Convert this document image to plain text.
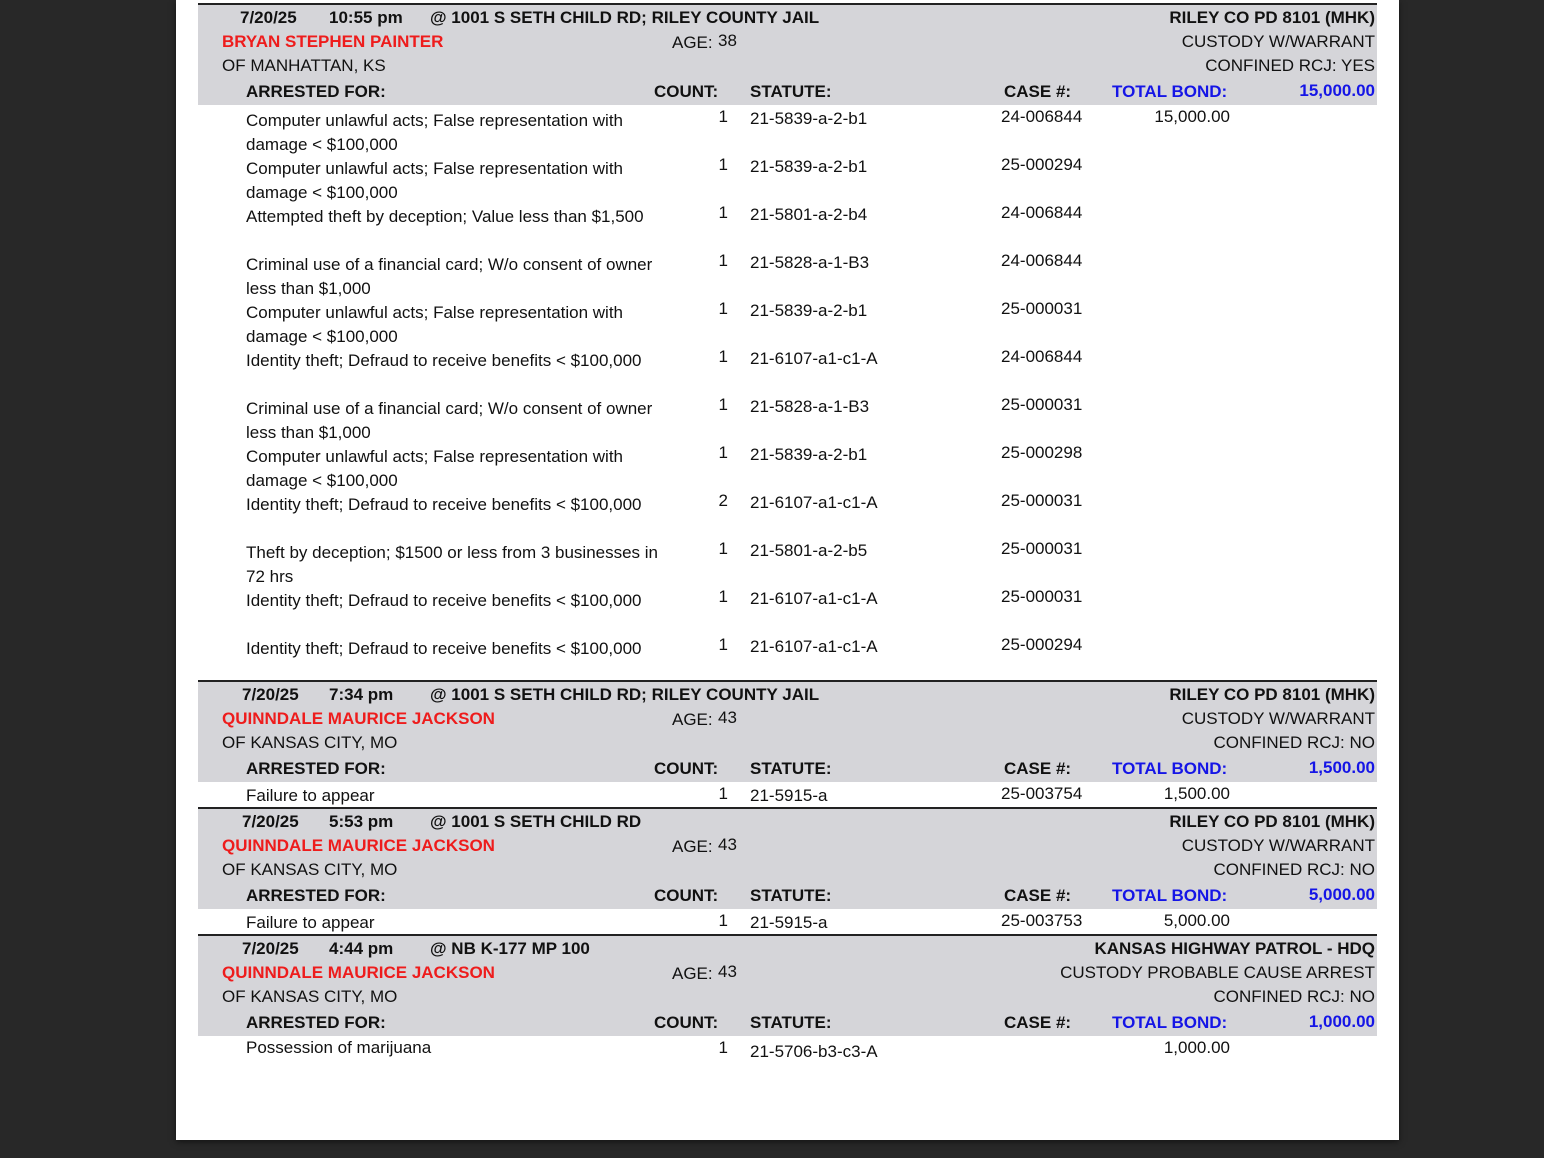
7/20/25 10:55 pm @ 1001 S SETH CHILD RD; RILEY COUNTY JAIL	RILEY CO PD 8101 (MHK)
BRYAN STEPHEN PAINTER	AGE: 38	CUSTODY W/WARRANT
OF MANHATTAN, KS	CONFINED RCJ: YES
ARRESTED FOR:	COUNT: STATUTE:	CASE #: TOTAL BOND:	15,000.00
Computer unlawful acts; False representation with damage < $100,000
1 21-5839-a-2-b1	24-006844	15,000.00
Computer unlawful acts; False representation with damage < $100,000
1 21-5839-a-2-b1	25-000294
Attempted theft by deception; Value less than $1,500	1 21-5801-a-2-b4	24-006844
Criminal use of a financial card; W/o consent of owner less than $1,000
1 21-5828-a-1-B3	24-006844
Computer unlawful acts; False representation with damage < $100,000
1 21-5839-a-2-b1	25-000031
Identity theft; Defraud to receive benefits < $100,000	1 21-6107-a1-c1-A	24-006844
Criminal use of a financial card; W/o consent of owner less than $1,000
1 21-5828-a-1-B3	25-000031
Computer unlawful acts; False representation with damage < $100,000
1 21-5839-a-2-b1	25-000298
Identity theft; Defraud to receive benefits < $100,000	2 21-6107-a1-c1-A	25-000031
Theft by deception; $1500 or less from 3 businesses in 72 hrs
1 21-5801-a-2-b5	25-000031
Identity theft; Defraud to receive benefits < $100,000	1 21-6107-a1-c1-A	25-000031
Identity theft; Defraud to receive benefits < $100,000	1 21-6107-a1-c1-A	25-000294
7/20/25 7:34 pm @ 1001 S SETH CHILD RD; RILEY COUNTY JAIL	RILEY CO PD 8101 (MHK)
QUINNDALE MAURICE JACKSON	AGE: 43	CUSTODY W/WARRANT
OF KANSAS CITY, MO	CONFINED RCJ: NO
ARRESTED FOR:	COUNT: STATUTE:	CASE #: TOTAL BOND:	1,500.00
Failure to appear	1 21-5915-a	25-003754	1,500.00
7/20/25 5:53 pm @ 1001 S SETH CHILD RD	RILEY CO PD 8101 (MHK)
QUINNDALE MAURICE JACKSON	AGE: 43	CUSTODY W/WARRANT
OF KANSAS CITY, MO	CONFINED RCJ: NO
ARRESTED FOR:	COUNT: STATUTE:	CASE #: TOTAL BOND:	5,000.00
Failure to appear	1 21-5915-a	25-003753	5,000.00
7/20/25 4:44 pm @ NB K-177 MP 100	KANSAS HIGHWAY PATROL - HDQ
QUINNDALE MAURICE JACKSON	AGE: 43	CUSTODY PROBABLE CAUSE ARREST
OF KANSAS CITY, MO	CONFINED RCJ: NO
ARRESTED FOR:	COUNT: STATUTE:	CASE #: TOTAL BOND:	1,000.00
Possession of marijuana	1 21-5706-b3-c3-A	1,000.00
